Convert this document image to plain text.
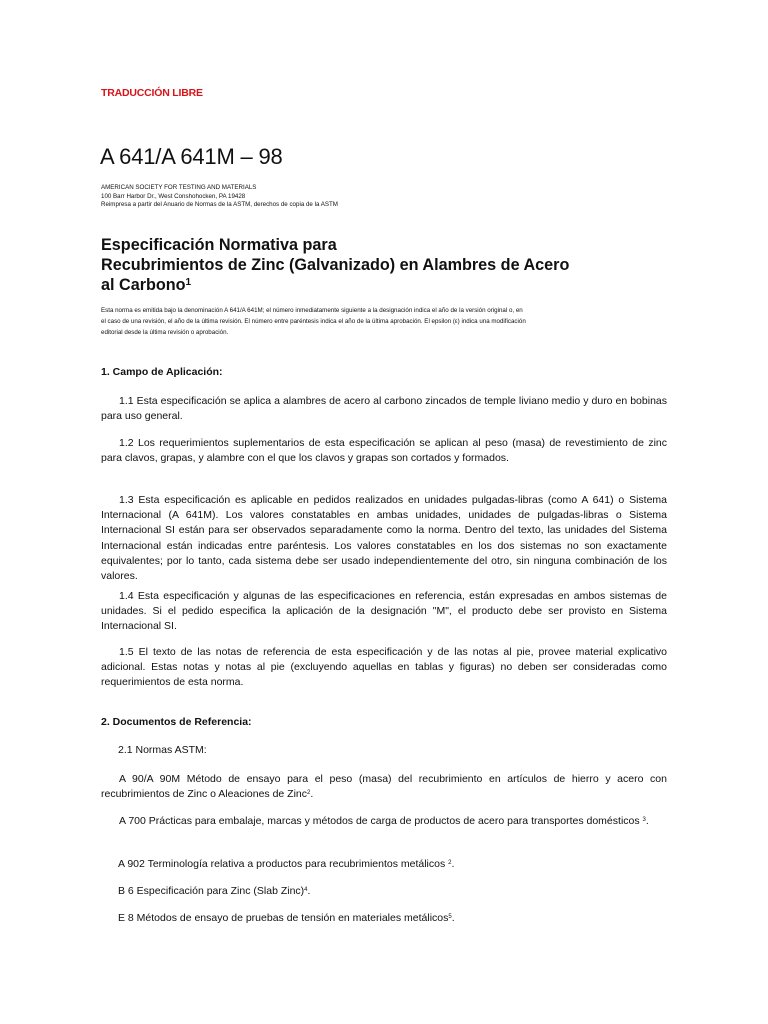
TRADUCCIÓN LIBRE
A 641/A 641M – 98
AMERICAN SOCIETY FOR TESTING AND MATERIALS
100 Barr Harbor Dr., West Conshohocken, PA 19428
Reimpresa a partir del Anuario de Normas de la ASTM, derechos de copia de la ASTM
Especificación Normativa para
Recubrimientos de Zinc (Galvanizado) en Alambres de Acero
al Carbono$^1$
Esta norma es emitida bajo la denominación A 641/A 641M; el número inmediatamente siguiente a la designación indica el año de la versión original o, en
el caso de una revisión, el año de la última revisión. El número entre paréntesis indica el año de la última aprobación. El epsilon (ε) indica una modificación
editorial desde la última revisión o aprobación.
1. Campo de Aplicación:
1.1 Esta especificación se aplica a alambres de acero al carbono zincados de temple liviano medio y duro en bobinas para uso general.
1.2 Los requerimientos suplementarios de esta especificación se aplican al peso (masa) de revestimiento de zinc para clavos, grapas, y alambre con el que los clavos y grapas son cortados y formados.
1.3 Esta especificación es aplicable en pedidos realizados en unidades pulgadas-libras (como A 641) o Sistema Internacional (A 641M). Los valores constatables en ambas unidades, unidades de pulgadas-libras o Sistema Internacional SI están para ser observados separadamente como la norma. Dentro del texto, las unidades del Sistema Internacional están indicadas entre paréntesis. Los valores constatables en los dos sistemas no son exactamente equivalentes; por lo tanto, cada sistema debe ser usado independientemente del otro, sin ninguna combinación de los valores.
1.4 Esta especificación y algunas de las especificaciones en referencia, están expresadas en ambos sistemas de unidades. Si el pedido especifica la aplicación de la designación "M", el producto debe ser provisto en Sistema Internacional SI.
1.5 El texto de las notas de referencia de esta especificación y de las notas al pie, provee material explicativo adicional. Estas notas y notas al pie (excluyendo aquellas en tablas y figuras) no deben ser consideradas como requerimientos de esta norma.
2. Documentos de Referencia:
2.1 Normas ASTM:
A 90/A 90M Método de ensayo para el peso (masa) del recubrimiento en artículos de hierro y acero con recubrimientos de Zinc o Aleaciones de Zinc$^2$.
A 700 Prácticas para embalaje, marcas y métodos de carga de productos de acero para transportes domésticos $^3$.
A 902 Terminología relativa a productos para recubrimientos metálicos $^2$.
B 6 Especificación para Zinc (Slab Zinc)$^4$.
E 8 Métodos de ensayo de pruebas de tensión en materiales metálicos$^5$.
